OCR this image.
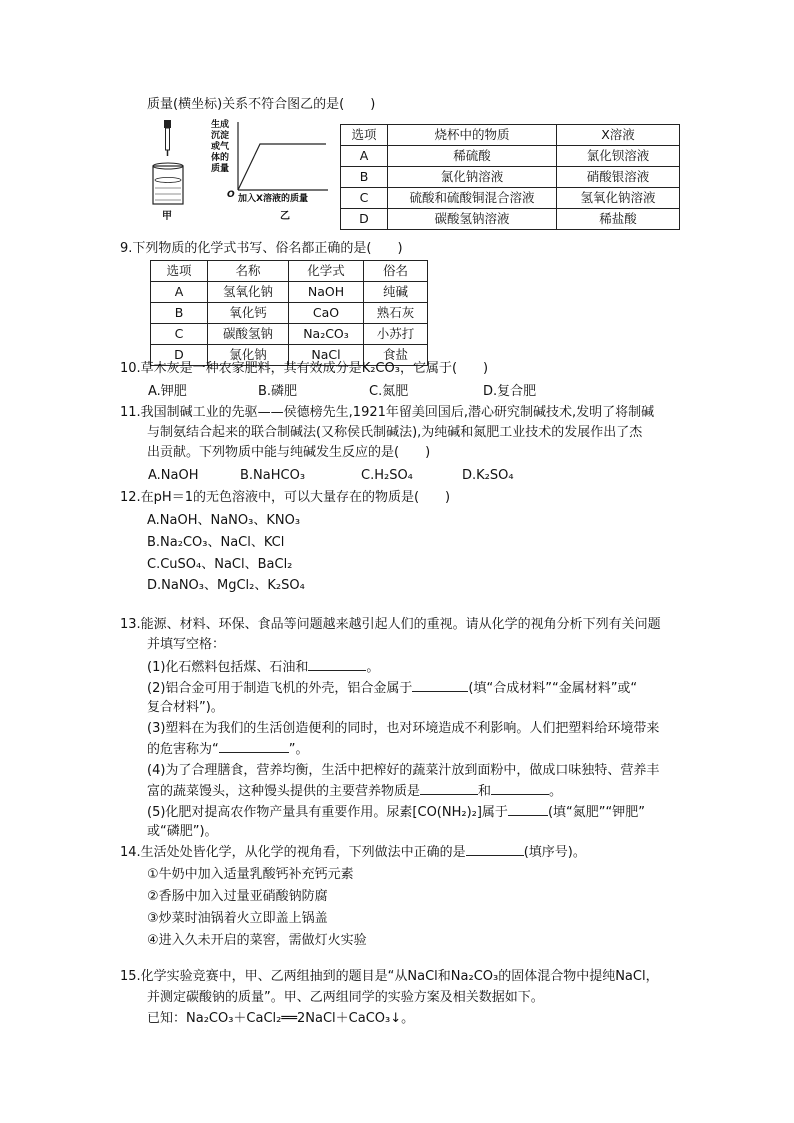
质量(横坐标)关系不符合图乙的是(　　)
生成
沉淀
或气
体的
质量
O 加入X溶液的质量
甲	乙
选项	烧杯中的物质	X溶液
A	稀硫酸	氯化钡溶液
B	氯化钠溶液	硝酸银溶液
C	硫酸和硫酸铜混合溶液	氢氧化钠溶液
D	碳酸氢钠溶液	稀盐酸
9.下列物质的化学式书写、俗名都正确的是(　　)
选项	名称	化学式	俗名
A	氢氧化钠	NaOH	纯碱
B	氧化钙	CaO	熟石灰
C	碳酸氢钠	Na₂CO₃	小苏打
D	氯化钠	NaCl	食盐
10.草木灰是一种农家肥料，其有效成分是K₂CO₃，它属于(　　)
A.钾肥	B.磷肥	C.氮肥	D.复合肥
11.我国制碱工业的先驱——侯德榜先生,1921年留美回国后,潜心研究制碱技术,发明了将制碱
与制氨结合起来的联合制碱法(又称侯氏制碱法),为纯碱和氮肥工业技术的发展作出了杰
出贡献。下列物质中能与纯碱发生反应的是(　　)
A.NaOH	B.NaHCO₃	C.H₂SO₄	D.K₂SO₄
12.在pH＝1的无色溶液中，可以大量存在的物质是(　　)
A.NaOH、NaNO₃、KNO₃
B.Na₂CO₃、NaCl、KCl
C.CuSO₄、NaCl、BaCl₂
D.NaNO₃、MgCl₂、K₂SO₄
13.能源、材料、环保、食品等问题越来越引起人们的重视。请从化学的视角分析下列有关问题
并填写空格：
(1)化石燃料包括煤、石油和	。
(2)铝合金可用于制造飞机的外壳，铝合金属于	(填“合成材料”“金属材料”或“
复合材料”)。
(3)塑料在为我们的生活创造便利的同时，也对环境造成不利影响。人们把塑料给环境带来
的危害称为“	”。
(4)为了合理膳食，营养均衡，生活中把榨好的蔬菜汁放到面粉中，做成口味独特、营养丰
富的蔬菜馒头，这种馒头提供的主要营养物质是	和	。
(5)化肥对提高农作物产量具有重要作用。尿素[CO(NH₂)₂]属于	(填“氮肥”“钾肥”
或“磷肥”)。
14.生活处处皆化学，从化学的视角看，下列做法中正确的是	(填序号)。
①牛奶中加入适量乳酸钙补充钙元素
②香肠中加入过量亚硝酸钠防腐
③炒菜时油锅着火立即盖上锅盖
④进入久未开启的菜窖，需做灯火实验
15.化学实验竞赛中，甲、乙两组抽到的题目是“从NaCl和Na₂CO₃的固体混合物中提纯NaCl，
并测定碳酸钠的质量”。甲、乙两组同学的实验方案及相关数据如下。
已知：Na₂CO₃＋CaCl₂══2NaCl＋CaCO₃↓。
